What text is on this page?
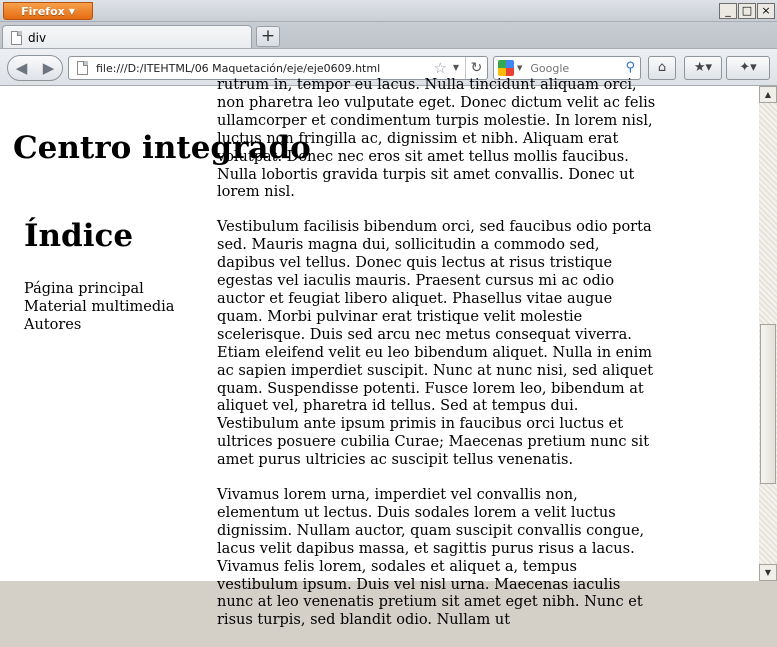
Firefox ▼	_	□ ×
div	+
◀ ▶	file:///D:/ITEHTML/06 Maquetación/eje/eje0609.html	☆ ▼ ↻	▼
Google	⚲	⌂	★▾	✦▾

rutrum in, tempor eu lacus. Nulla tincidunt aliquam orci, non pharetra leo vulputate eget. Donec dictum velit ac felis ullamcorper et condimentum turpis molestie. In lorem nisl, luctus non fringilla ac, dignissim et nibh. Aliquam erat volutpat. Donec nec eros sit amet tellus mollis faucibus. Nulla lobortis gravida turpis sit amet convallis. Donec ut lorem nisl.

Vestibulum facilisis bibendum orci, sed faucibus odio porta sed. Mauris magna dui, sollicitudin a commodo sed, dapibus vel tellus. Donec quis lectus at risus tristique egestas vel iaculis mauris. Praesent cursus mi ac odio auctor et feugiat libero aliquet. Phasellus vitae augue quam. Morbi pulvinar erat tristique velit molestie scelerisque. Duis sed arcu nec metus consequat viverra. Etiam eleifend velit eu leo bibendum aliquet. Nulla in enim ac sapien imperdiet suscipit. Nunc at nunc nisi, sed aliquet quam. Suspendisse potenti. Fusce lorem leo, bibendum at aliquet vel, pharetra id tellus. Sed at tempus dui. Vestibulum ante ipsum primis in faucibus orci luctus et ultrices posuere cubilia Curae; Maecenas pretium nunc sit amet purus ultricies ac suscipit tellus venenatis.

Vivamus lorem urna, imperdiet vel convallis non, elementum ut lectus. Duis sodales lorem a velit luctus dignissim. Nullam auctor, quam suscipit convallis congue, lacus velit dapibus massa, et sagittis purus risus a lacus. Vivamus felis lorem, sodales et aliquet a, tempus vestibulum ipsum. Duis vel nisl urna. Maecenas iaculis nunc at leo venenatis pretium sit amet eget nibh. Nunc et risus turpis, sed blandit odio. Nullam ut

Centro integrado
Índice
Página principal
Material multimedia
Autores
▲
▼
